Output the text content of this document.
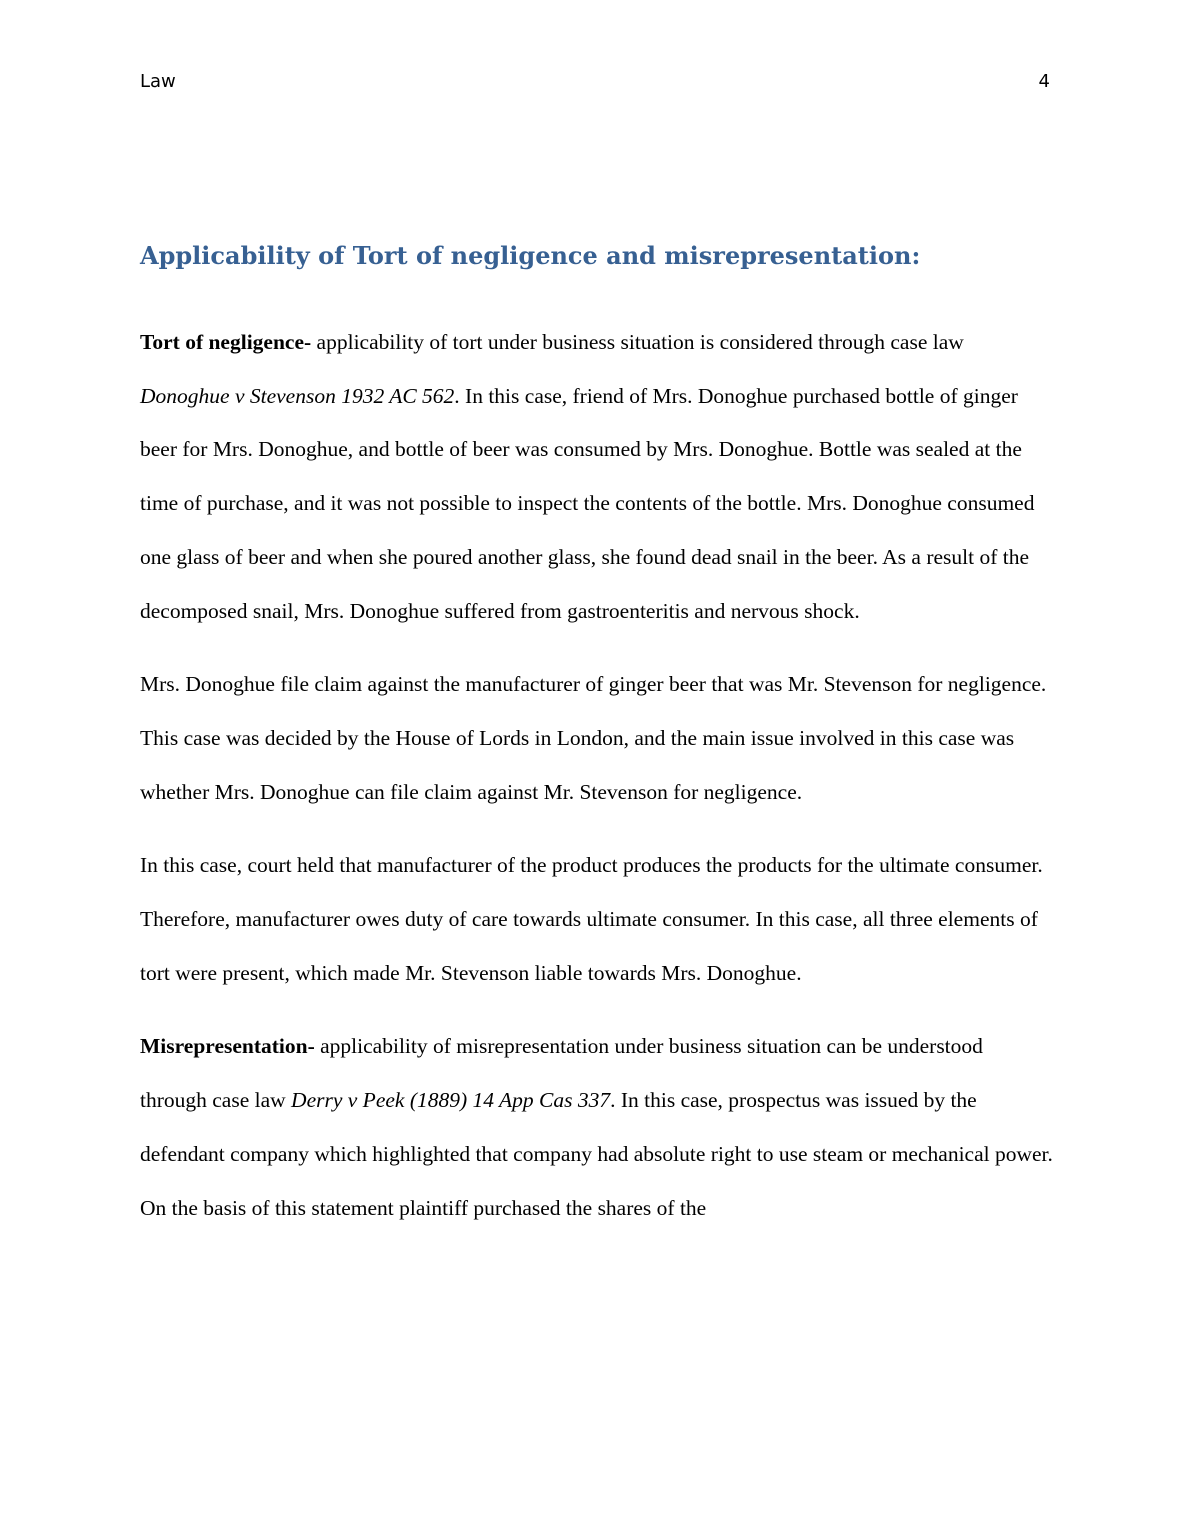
Law	4
Applicability of Tort of negligence and misrepresentation:

Tort of negligence- applicability of tort under business situation is considered through case law Donoghue v Stevenson 1932 AC 562. In this case, friend of Mrs. Donoghue purchased bottle of ginger beer for Mrs. Donoghue, and bottle of beer was consumed by Mrs. Donoghue. Bottle was sealed at the time of purchase, and it was not possible to inspect the contents of the bottle. Mrs. Donoghue consumed one glass of beer and when she poured another glass, she found dead snail in the beer. As a result of the decomposed snail, Mrs. Donoghue suffered from gastroenteritis and nervous shock.

Mrs. Donoghue file claim against the manufacturer of ginger beer that was Mr. Stevenson for negligence. This case was decided by the House of Lords in London, and the main issue involved in this case was whether Mrs. Donoghue can file claim against Mr. Stevenson for negligence.

In this case, court held that manufacturer of the product produces the products for the ultimate consumer. Therefore, manufacturer owes duty of care towards ultimate consumer. In this case, all three elements of tort were present, which made Mr. Stevenson liable towards Mrs. Donoghue.

Misrepresentation- applicability of misrepresentation under business situation can be understood through case law Derry v Peek (1889) 14 App Cas 337. In this case, prospectus was issued by the defendant company which highlighted that company had absolute right to use steam or mechanical power. On the basis of this statement plaintiff purchased the shares of the
